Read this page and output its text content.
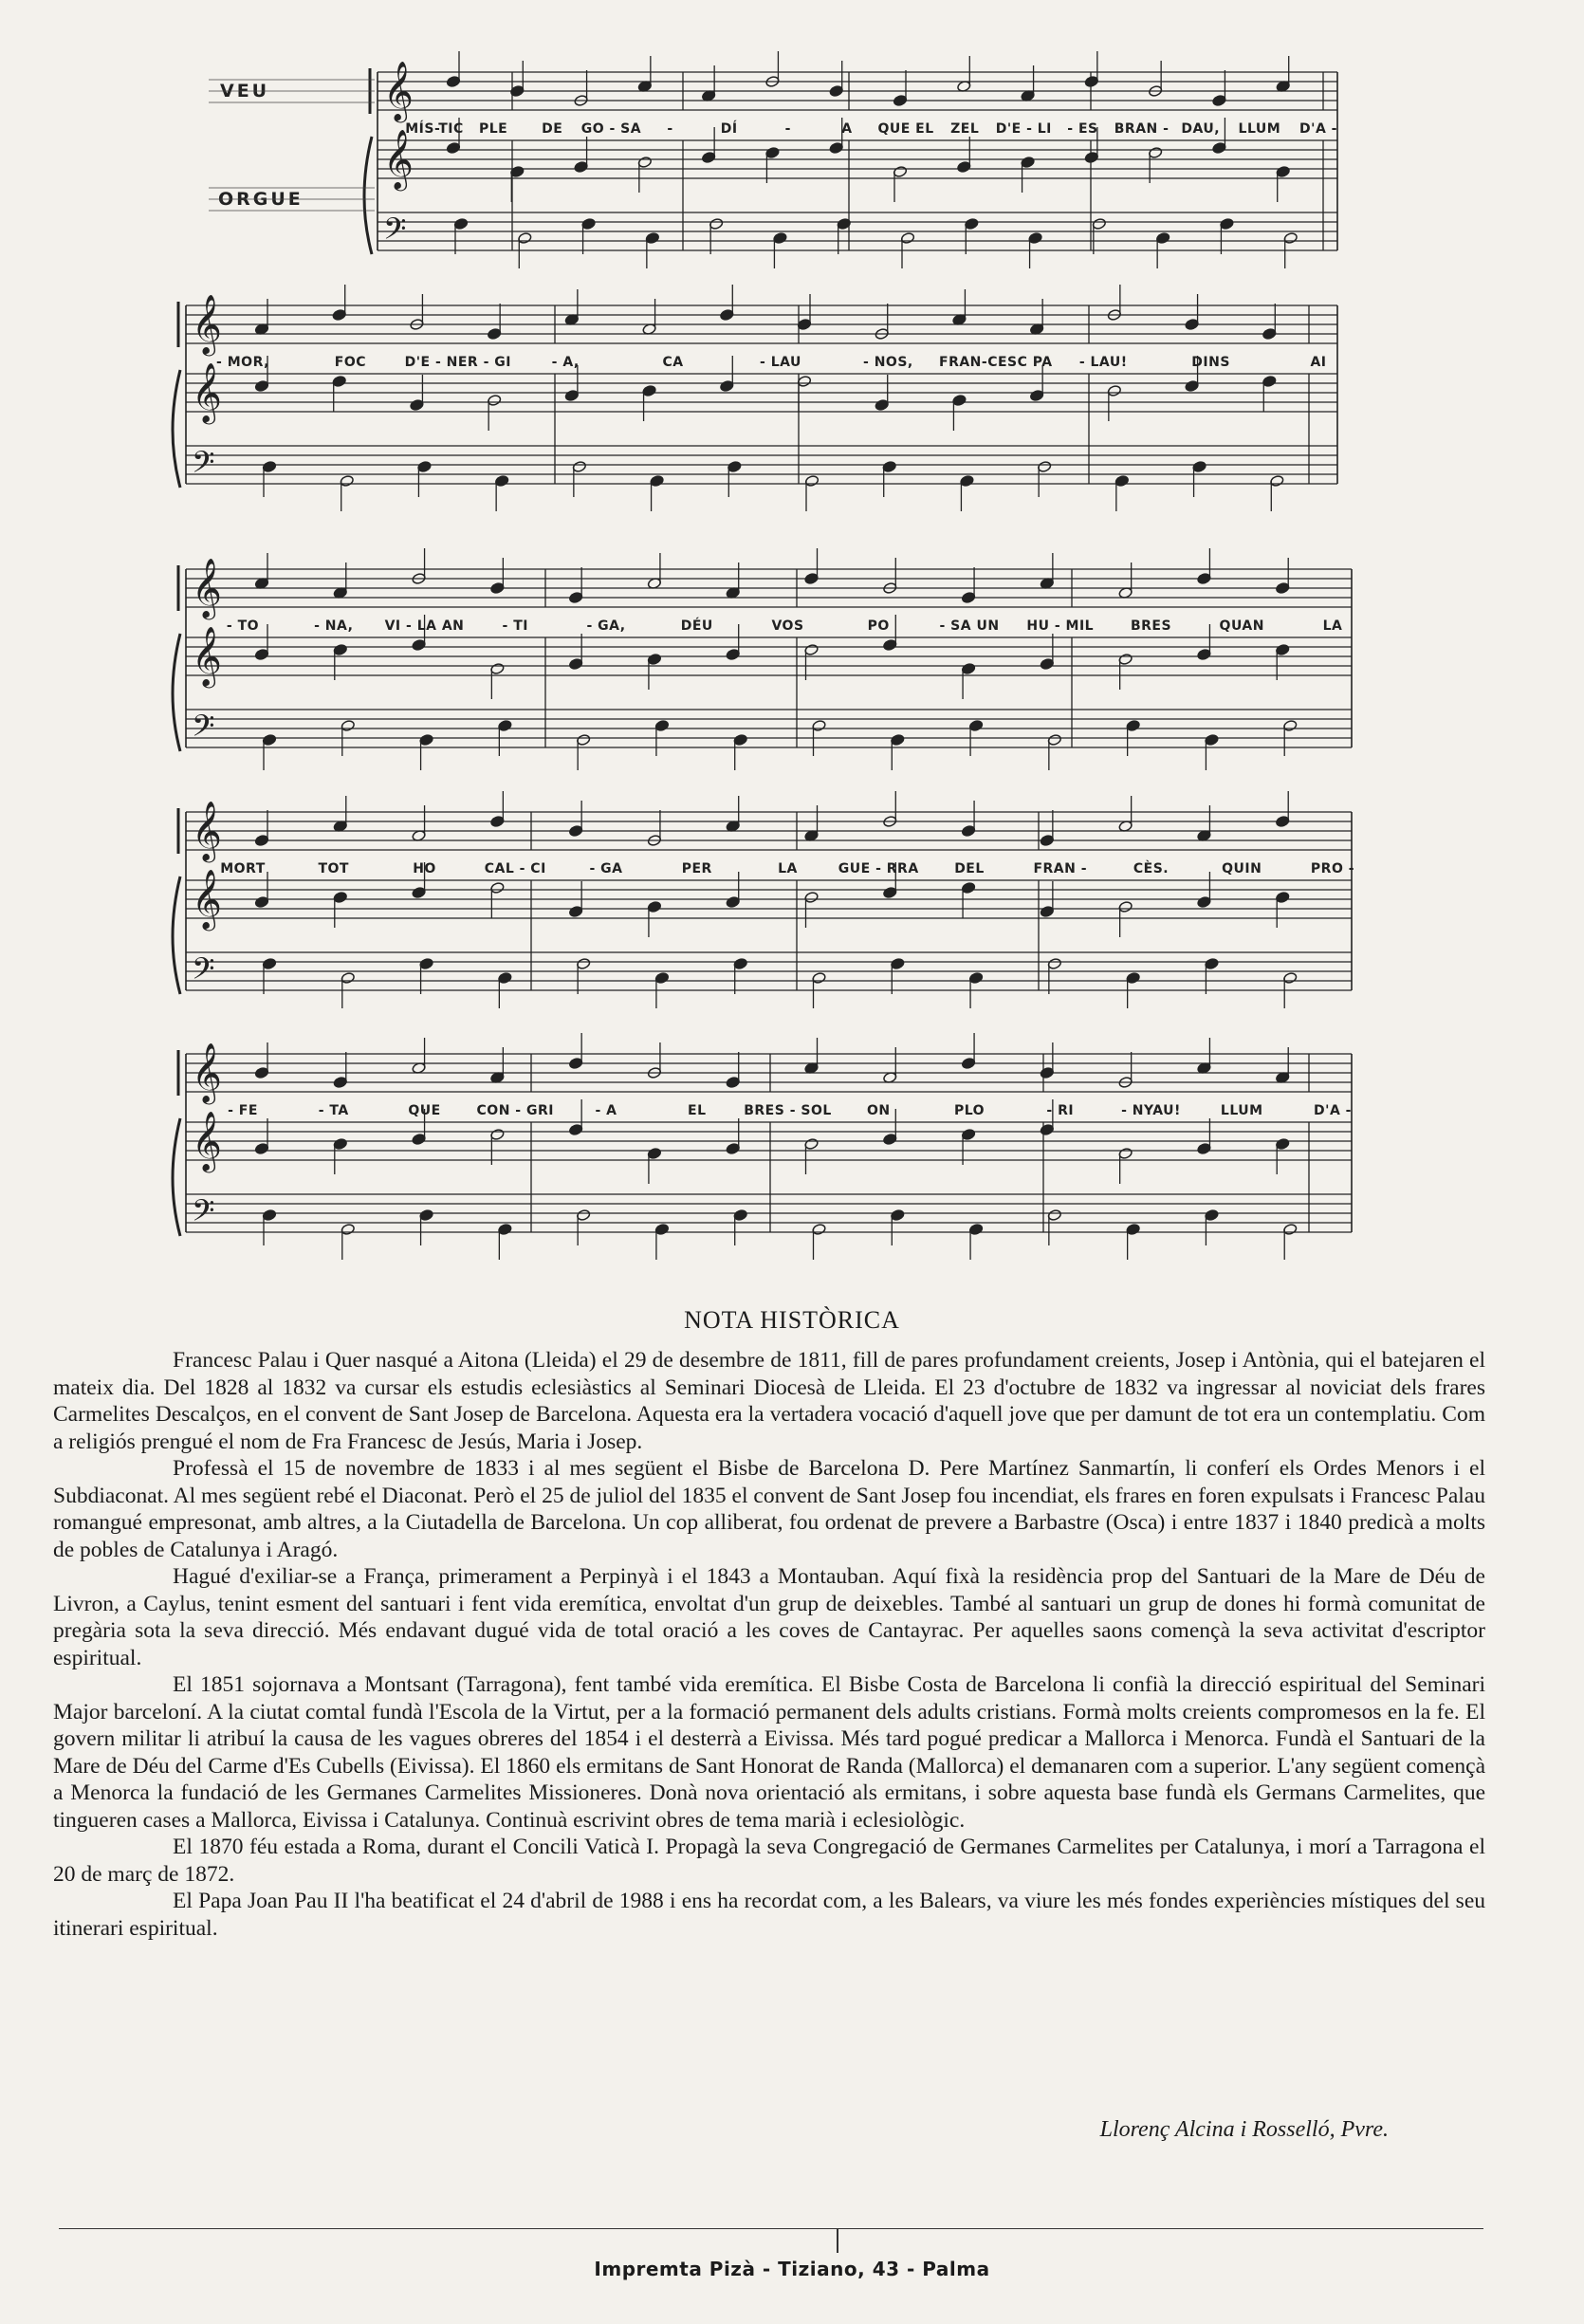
𝄞
𝄞
𝄢
MÍS-TIC PLE	DE GO - SA -	DÍ	-	A QUE EL ZEL D'E - LI - ES BRAN - DAU, LLUM D'A -
VEU
ORGUE
𝄞
𝄞
𝄢
- MOR,	FOC	D'E - NER - GI	- A,	CA	- LAU	- NOS, FRAN-CESC PA - LAU!	DINS	AI
𝄞
𝄞
𝄢
- TO	- NA, VI - LA AN	- TI	- GA,	DÉU	VOS	PO	- SA UN HU - MIL	BRES	QUAN	LA
𝄞
𝄞
𝄢
MORT	TOT	HO	CAL - CI	- GA	PER	LA	GUE - RRA	DEL	FRAN -	CÈS.	QUIN	PRO -
𝄞
𝄞
𝄢
- FE	- TA	QUE	CON - GRI	- A	EL	BRES - SOL	ON	PLO	- RI	- NYAU!	LLUM	D'A -
NOTA HISTÒRICA

Francesc Palau i Quer nasqué a Aitona (Lleida) el 29 de desembre de 1811, fill de pares profundament creients, Josep i Antònia, qui el batejaren el mateix dia. Del 1828 al 1832 va cursar els estudis eclesiàstics al Seminari Diocesà de Lleida. El 23 d'octubre de 1832 va ingressar al noviciat dels frares Carmelites Descalços, en el convent de Sant Josep de Barcelona. Aquesta era la vertadera vocació d'aquell jove que per damunt de tot era un contemplatiu. Com a religiós prengué el nom de Fra Francesc de Jesús, Maria i Josep.

Professà el 15 de novembre de 1833 i al mes següent el Bisbe de Barcelona D. Pere Martínez Sanmartín, li conferí els Ordes Menors i el Subdiaconat. Al mes següent rebé el Diaconat. Però el 25 de juliol del 1835 el convent de Sant Josep fou incendiat, els frares en foren expulsats i Francesc Palau romangué empresonat, amb altres, a la Ciutadella de Barcelona. Un cop alliberat, fou ordenat de prevere a Barbastre (Osca) i entre 1837 i 1840 predicà a molts de pobles de Catalunya i Aragó.

Hagué d'exiliar-se a França, primerament a Perpinyà i el 1843 a Montauban. Aquí fixà la residència prop del Santuari de la Mare de Déu de Livron, a Caylus, tenint esment del santuari i fent vida eremítica, envoltat d'un grup de deixebles. També al santuari un grup de dones hi formà comunitat de pregària sota la seva direcció. Més endavant dugué vida de total oració a les coves de Cantayrac. Per aquelles saons començà la seva activitat d'escriptor espiritual.

El 1851 sojornava a Montsant (Tarragona), fent també vida eremítica. El Bisbe Costa de Barcelona li confià la direcció espiritual del Seminari Major barceloní. A la ciutat comtal fundà l'Escola de la Virtut, per a la formació permanent dels adults cristians. Formà molts creients compromesos en la fe. El govern militar li atribuí la causa de les vagues obreres del 1854 i el desterrà a Eivissa. Més tard pogué predicar a Mallorca i Menorca. Fundà el Santuari de la Mare de Déu del Carme d'Es Cubells (Eivissa). El 1860 els ermitans de Sant Honorat de Randa (Mallorca) el demanaren com a superior. L'any següent començà a Menorca la fundació de les Germanes Carmelites Missioneres. Donà nova orientació als ermitans, i sobre aquesta base fundà els Germans Carmelites, que tingueren cases a Mallorca, Eivissa i Catalunya. Continuà escrivint obres de tema marià i eclesiològic.

El 1870 féu estada a Roma, durant el Concili Vaticà I. Propagà la seva Congregació de Germanes Carmelites per Catalunya, i morí a Tarragona el 20 de març de 1872.

El Papa Joan Pau II l'ha beatificat el 24 d'abril de 1988 i ens ha recordat com, a les Balears, va viure les més fondes experiències místiques del seu itinerari espiritual.

Llorenç Alcina i Rosselló, Pvre.

Impremta Pizà - Tiziano, 43 - Palma
